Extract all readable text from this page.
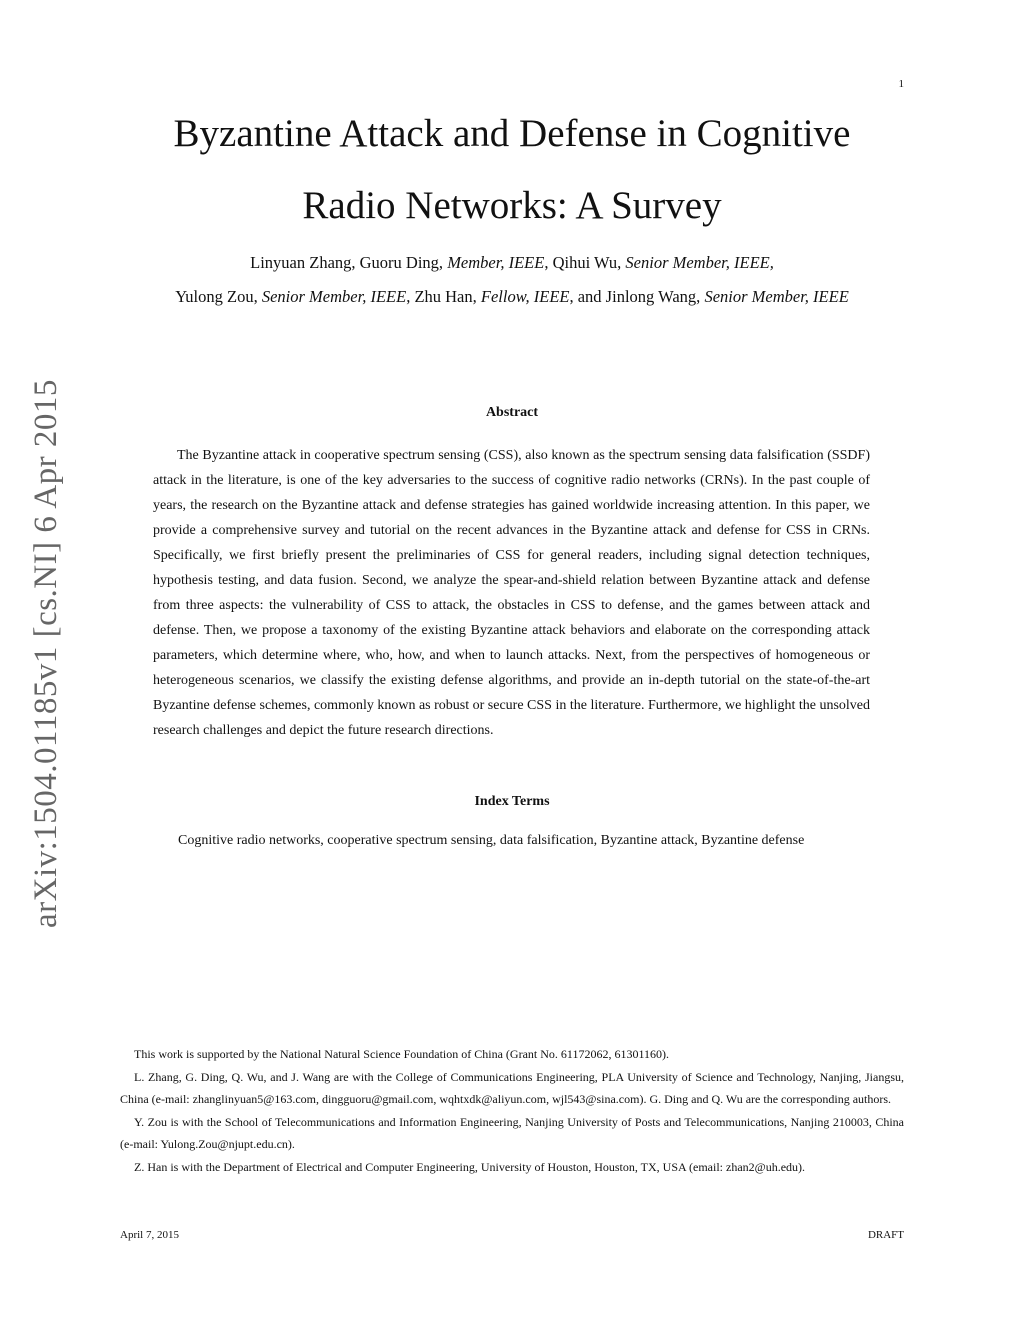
1
Byzantine Attack and Defense in Cognitive
Radio Networks: A Survey
Linyuan Zhang, Guoru Ding, Member, IEEE, Qihui Wu, Senior Member, IEEE,
Yulong Zou, Senior Member, IEEE, Zhu Han, Fellow, IEEE, and Jinlong Wang, Senior Member, IEEE
arXiv:1504.01185v1 [cs.NI] 6 Apr 2015	Abstract

The Byzantine attack in cooperative spectrum sensing (CSS), also known as the spectrum sensing data falsification (SSDF) attack in the literature, is one of the key adversaries to the success of cognitive radio networks (CRNs). In the past couple of years, the research on the Byzantine attack and defense strategies has gained worldwide increasing attention. In this paper, we provide a comprehensive survey and tutorial on the recent advances in the Byzantine attack and defense for CSS in CRNs. Specifically, we first briefly present the preliminaries of CSS for general readers, including signal detection techniques, hypothesis testing, and data fusion. Second, we analyze the spear-and-shield relation between Byzantine attack and defense from three aspects: the vulnerability of CSS to attack, the obstacles in CSS to defense, and the games between attack and defense. Then, we propose a taxonomy of the existing Byzantine attack behaviors and elaborate on the corresponding attack parameters, which determine where, who, how, and when to launch attacks. Next, from the perspectives of homogeneous or heterogeneous scenarios, we classify the existing defense algorithms, and provide an in-depth tutorial on the state-of-the-art Byzantine defense schemes, commonly known as robust or secure CSS in the literature. Furthermore, we highlight the unsolved research challenges and depict the future research directions.

Index Terms
Cognitive radio networks, cooperative spectrum sensing, data falsification, Byzantine attack, Byzantine defense

This work is supported by the National Natural Science Foundation of China (Grant No. 61172062, 61301160).

L. Zhang, G. Ding, Q. Wu, and J. Wang are with the College of Communications Engineering, PLA University of Science and Technology, Nanjing, Jiangsu, China (e-mail: zhanglinyuan5@163.com, dingguoru@gmail.com, wqhtxdk@aliyun.com, wjl543@sina.com). G. Ding and Q. Wu are the corresponding authors.

Y. Zou is with the School of Telecommunications and Information Engineering, Nanjing University of Posts and Telecommunications, Nanjing 210003, China (e-mail: Yulong.Zou@njupt.edu.cn).

Z. Han is with the Department of Electrical and Computer Engineering, University of Houston, Houston, TX, USA (email: zhan2@uh.edu).

April 7, 2015	DRAFT
